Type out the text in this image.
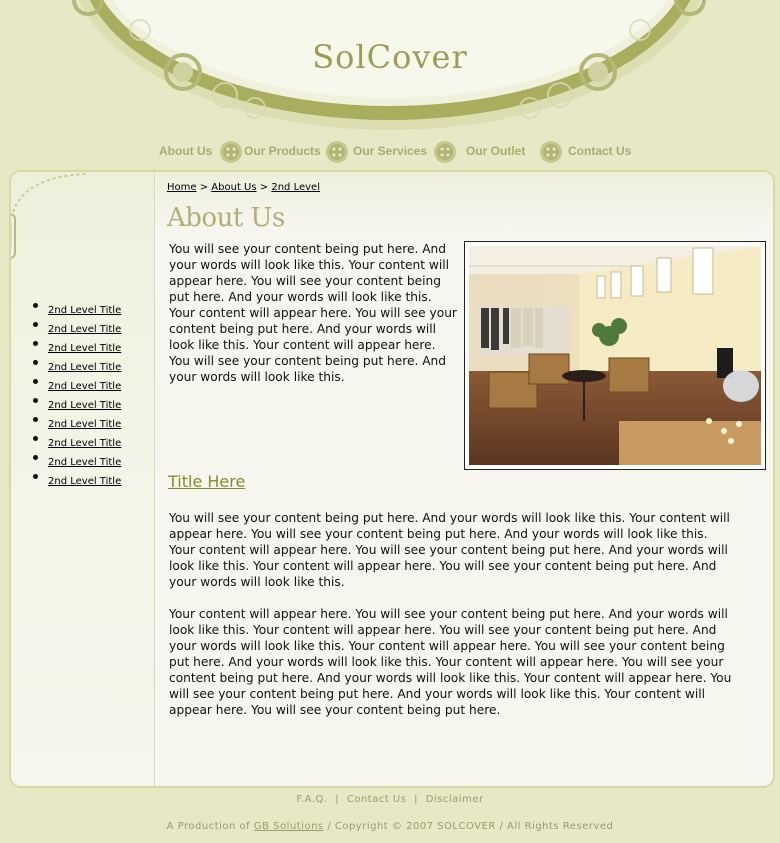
SolCover
About Us	Our Products	Our Services	Our Outlet	Contact Us
2nd Level Title
2nd Level Title
2nd Level Title
2nd Level Title
2nd Level Title
2nd Level Title
2nd Level Title
2nd Level Title
2nd Level Title
2nd Level Title
Home > About Us > 2nd Level
About Us

You will see your content being put here. And your words will look like this. Your content will appear here. You will see your content being put here. And your words will look like this. Your content will appear here. You will see your content being put here. And your words will look like this. Your content will appear here. You will see your content being put here. And your words will look like this.

Title Here

You will see your content being put here. And your words will look like this. Your content will appear here. You will see your content being put here. And your words will look like this. Your content will appear here. You will see your content being put here. And your words will look like this. Your content will appear here. You will see your content being put here. And your words will look like this.

Your content will appear here. You will see your content being put here. And your words will look like this. Your content will appear here. You will see your content being put here. And your words will look like this. Your content will appear here. You will see your content being put here. And your words will look like this. Your content will appear here. You will see your content being put here. And your words will look like this. Your content will appear here. You will see your content being put here. And your words will look like this. Your content will appear here. You will see your content being put here.

F.A.Q. | Contact Us | Disclaimer
A Production of GB Solutions / Copyright © 2007 SOLCOVER / All Rights Reserved
